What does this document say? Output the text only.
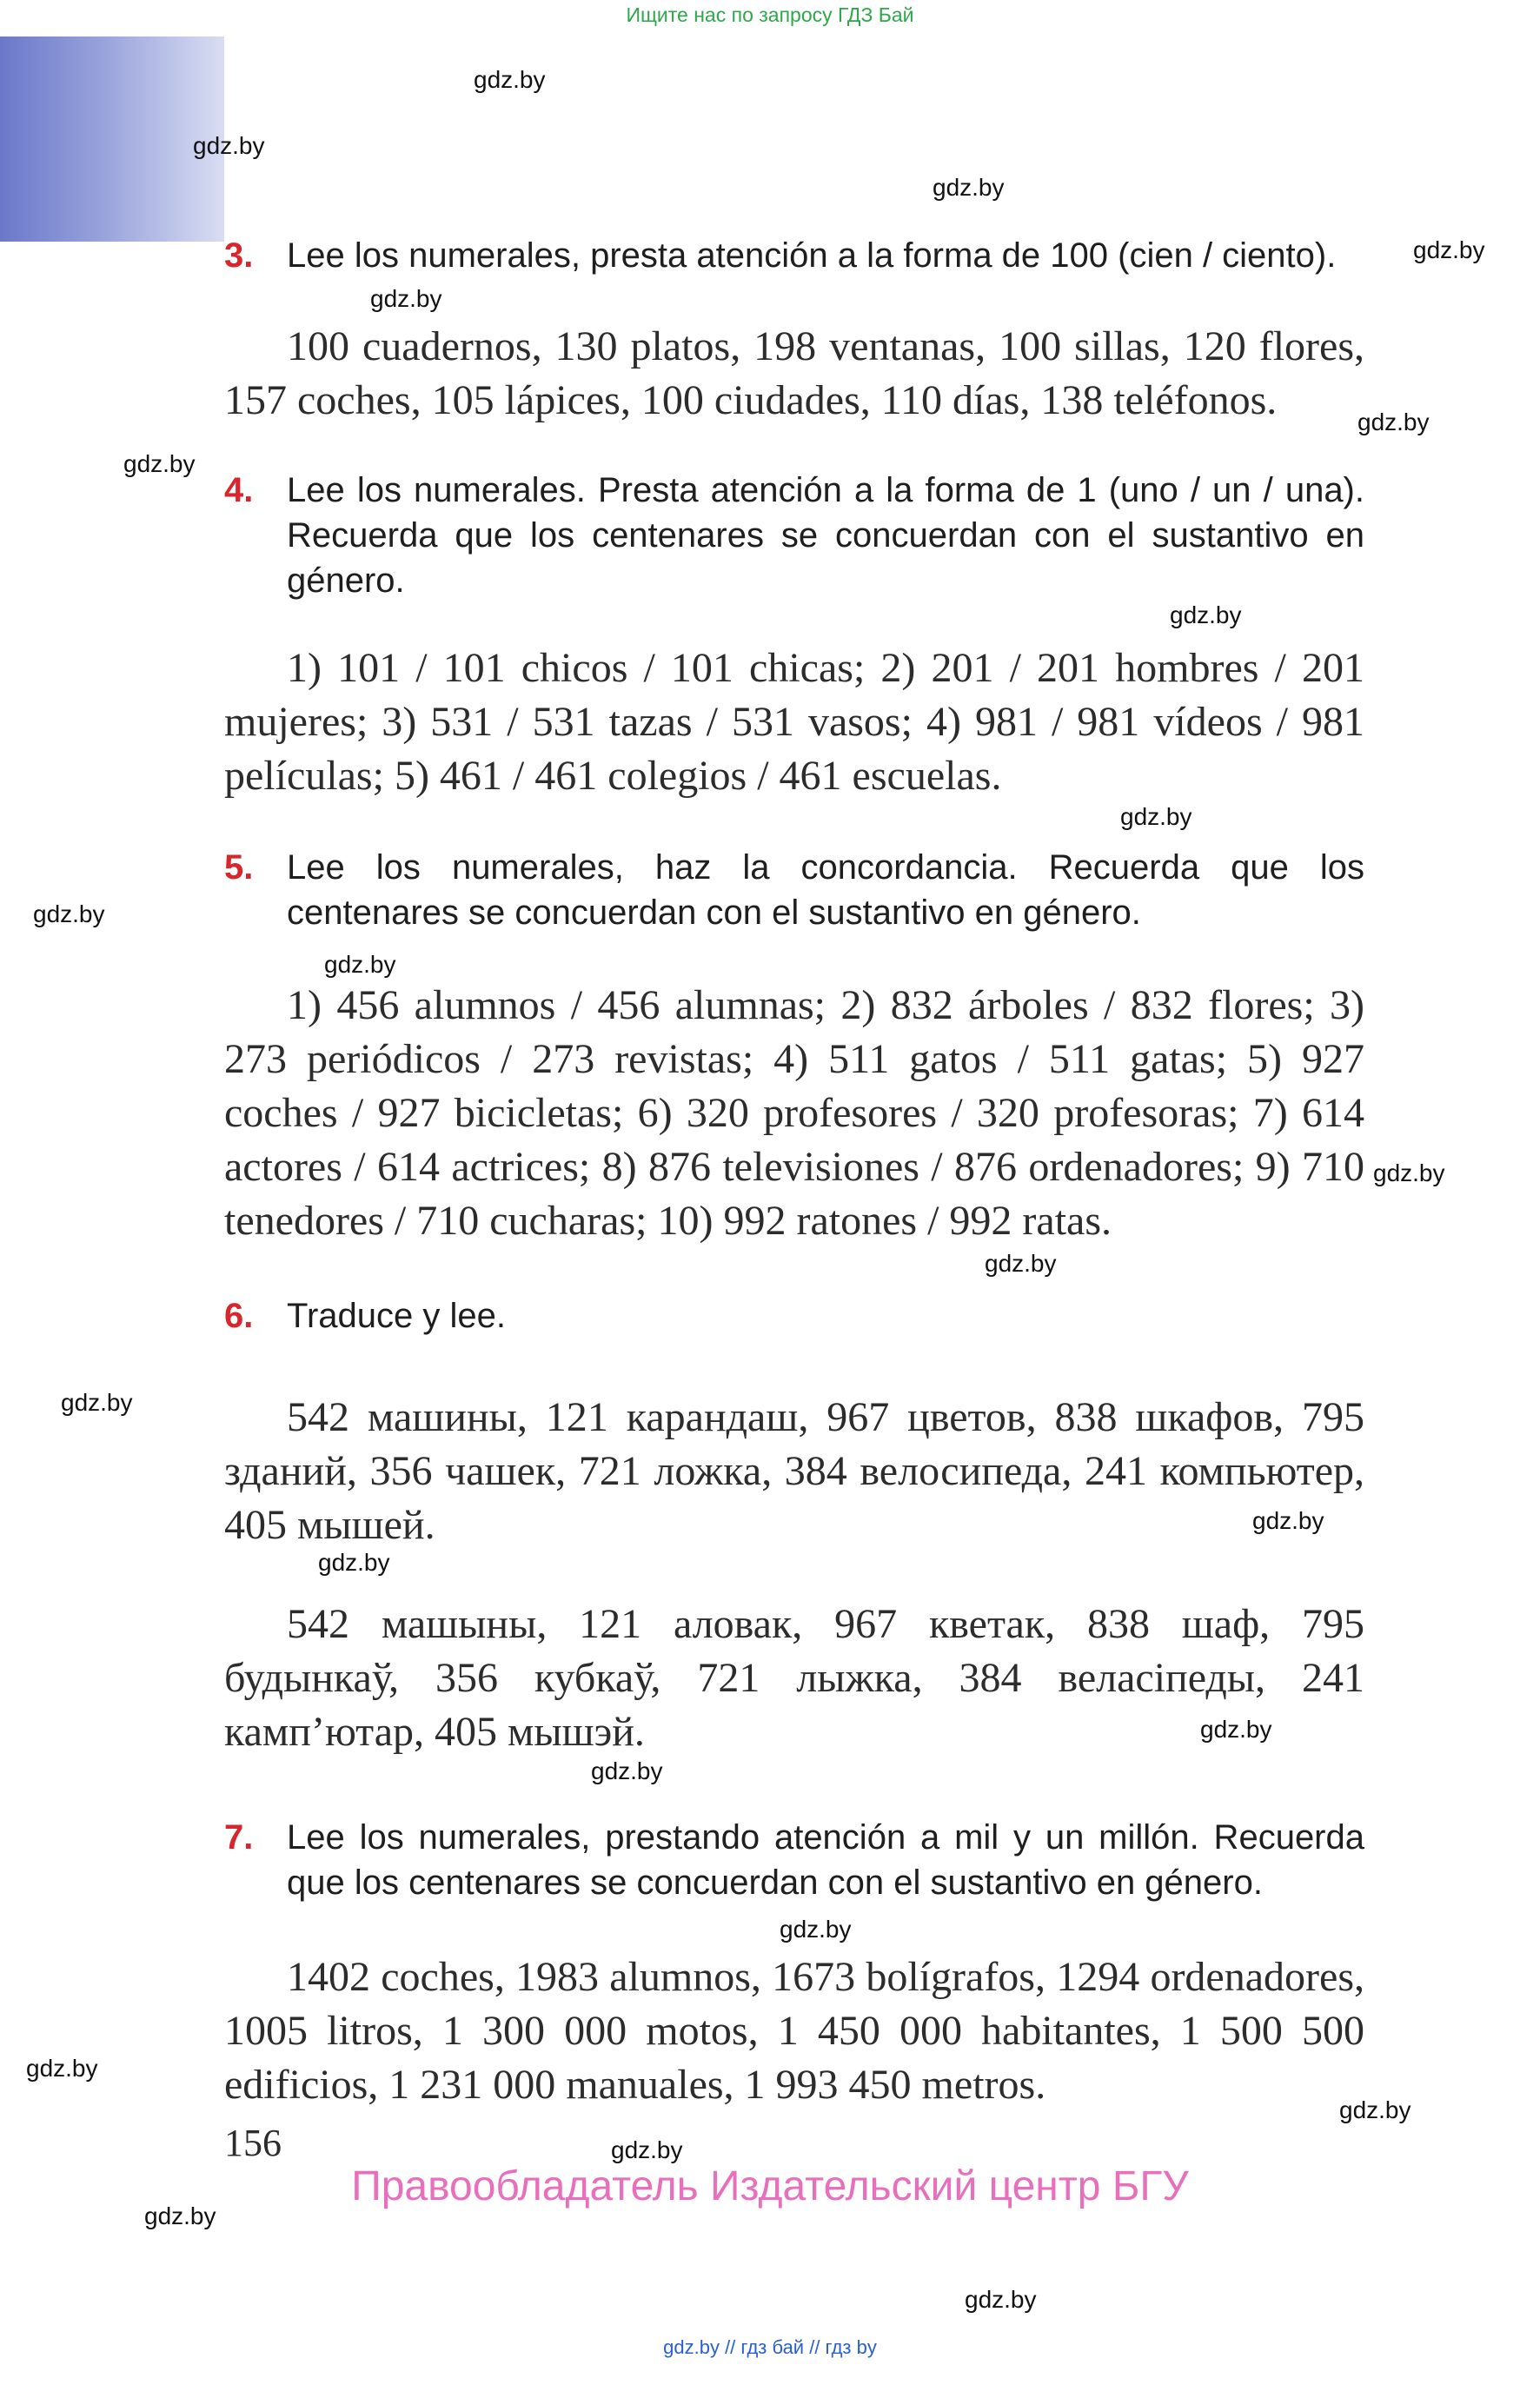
Ищите нас по запросу ГДЗ Бай
gdz.by
gdz.by
gdz.by
gdz.by
gdz.by
gdz.by
gdz.by
gdz.by
gdz.by
gdz.by
gdz.by
gdz.by
gdz.by
gdz.by
gdz.by
gdz.by
gdz.by
gdz.by
gdz.by
gdz.by
gdz.by
gdz.by
gdz.by
gdz.by
3. Lee los numerales, presta atención a la forma de 100 (cien / ciento).
100 cuadernos, 130 platos, 198 ventanas, 100 sillas, 120 flores, 157 coches, 105 lápices, 100 ciudades, 110 días, 138 teléfonos.
4. Lee los numerales. Presta atención a la forma de 1 (uno / un / una). Recuerda que los centenares se concuerdan con el sustantivo en género.
1) 101 / 101 chicos / 101 chicas; 2) 201 / 201 hombres / 201 mujeres; 3) 531 / 531 tazas / 531 vasos; 4) 981 / 981 vídeos / 981 películas; 5) 461 / 461 colegios / 461 escuelas.
5. Lee los numerales, haz la concordancia. Recuerda que los centenares se concuerdan con el sustantivo en género.
1) 456 alumnos / 456 alumnas; 2) 832 árboles / 832 flores; 3) 273 periódicos / 273 revistas; 4) 511 gatos / 511 gatas; 5) 927 coches / 927 bicicletas; 6) 320 profesores / 320 profesoras; 7) 614 actores / 614 actrices; 8) 876 televisiones / 876 ordenadores; 9) 710 tenedores / 710 cucharas; 10) 992 ratones / 992 ratas.
6. Traduce y lee.
542 машины, 121 карандаш, 967 цветов, 838 шкафов, 795 зданий, 356 чашек, 721 ложка, 384 велосипеда, 241 компьютер, 405 мышей.
542 машыны, 121 аловак, 967 кветак, 838 шаф, 795 будынкаў, 356 кубкаў, 721 лыжка, 384 веласіпеды, 241 камп’ютар, 405 мышэй.
7. Lee los numerales, prestando atención a mil y un millón. Recuerda que los centenares se concuerdan con el sustantivo en género.
1402 coches, 1983 alumnos, 1673 bolígrafos, 1294 ordenadores, 1005 litros, 1 300 000 motos, 1 450 000 habitantes, 1 500 500 edificios, 1 231 000 manuales, 1 993 450 metros.
156
Правообладатель Издательский центр БГУ
gdz.by // гдз бай // гдз by
